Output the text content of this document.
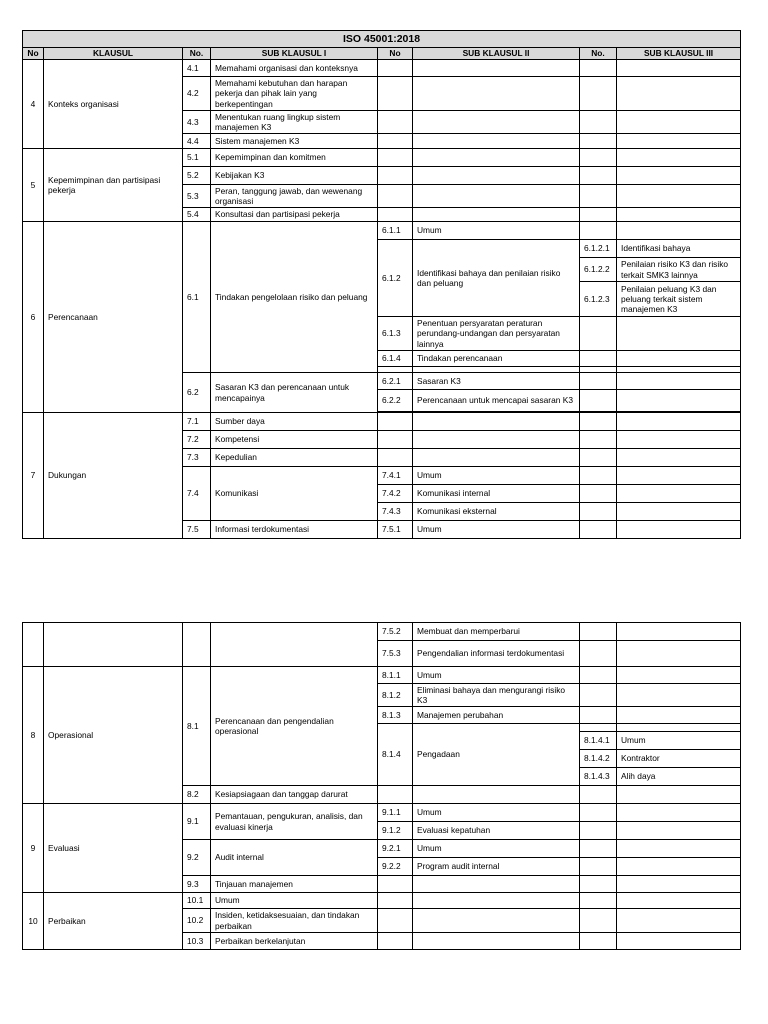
ISO 45001:2018							
No	KLAUSUL	No.	SUB KLAUSUL I	No	SUB KLAUSUL II	No.	SUB KLAUSUL III
4	Konteks organisasi	4.1	Memahami organisasi dan konteksnya				
		4.2	Memahami kebutuhan dan harapan pekerja dan pihak lain yang berkepentingan				
		4.3	Menentukan ruang lingkup sistem manajemen K3				
		4.4	Sistem manajemen K3				
5	Kepemimpinan dan partisipasi pekerja	5.1	Kepemimpinan dan komitmen				
		5.2	Kebijakan K3				
		5.3	Peran, tanggung jawab, dan wewenang organisasi				
		5.4	Konsultasi dan partisipasi pekerja				
6	Perencanaan	6.1	Tindakan pengelolaan risiko dan peluang	6.1.1	Umum		
				6.1.2	Identifikasi bahaya dan penilaian risiko dan peluang	6.1.2.1	Identifikasi bahaya
						6.1.2.2	Penilaian risiko K3 dan risiko terkait SMK3 lainnya
						6.1.2.3	Penilaian peluang K3 dan peluang terkait sistem manajemen K3
				6.1.3	Penentuan persyaratan peraturan perundang-undangan dan persyaratan lainnya		
				6.1.4	Tindakan perencanaan		

		6.2	Sasaran K3 dan perencanaan untuk mencapainya	6.2.1	Sasaran K3		
				6.2.2	Perencanaan untuk mencapai sasaran K3		

7	Dukungan	7.1	Sumber daya				
		7.2	Kompetensi				
		7.3	Kepedulian				
		7.4	Komunikasi	7.4.1	Umum		
				7.4.2	Komunikasi internal		
				7.4.3	Komunikasi eksternal		
		7.5	Informasi terdokumentasi	7.5.1	Umum		
				7.5.2	Membuat dan memperbarui		
				7.5.3	Pengendalian informasi terdokumentasi		
8	Operasional	8.1	Perencanaan dan pengendalian operasional	8.1.1	Umum		
				8.1.2	Eliminasi bahaya dan mengurangi risiko K3		
				8.1.3	Manajemen perubahan		
				8.1.4	Pengadaan		
						8.1.4.1	Umum
						8.1.4.2	Kontraktor
						8.1.4.3	Alih daya
		8.2	Kesiapsiagaan dan tanggap darurat				
9	Evaluasi	9.1	Pemantauan, pengukuran, analisis, dan evaluasi kinerja	9.1.1	Umum		
				9.1.2	Evaluasi kepatuhan		
		9.2	Audit internal	9.2.1	Umum		
				9.2.2	Program audit internal		
		9.3	Tinjauan manajemen				
10	Perbaikan	10.1	Umum				
		10.2	Insiden, ketidaksesuaian, dan tindakan perbaikan				
		10.3	Perbaikan berkelanjutan				
